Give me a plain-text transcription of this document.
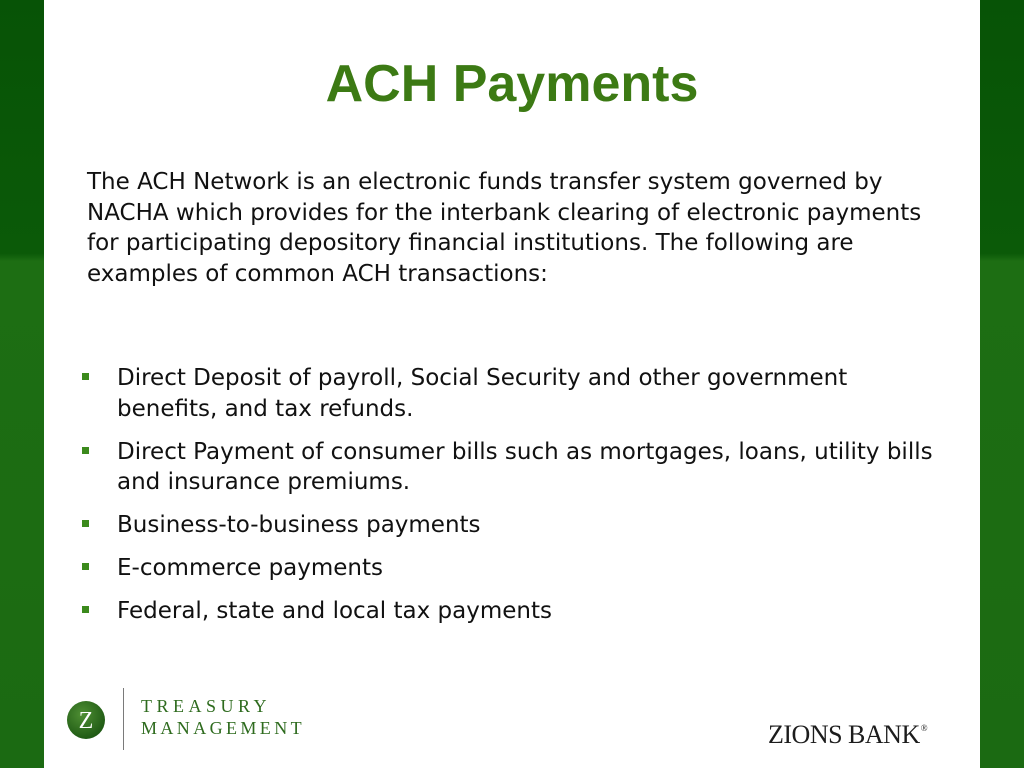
ACH Payments

The ACH Network is an electronic funds transfer system governed by NACHA which provides for the interbank clearing of electronic payments for participating depository financial institutions. The following are examples of common ACH transactions:

Direct Deposit of payroll, Social Security and other government benefits, and tax refunds.
Direct Payment of consumer bills such as mortgages, loans, utility bills and insurance premiums.
Business-to-business payments
E-commerce payments
Federal, state and local tax payments
Z
TREASURY
MANAGEMENT	ZIONS BANK®
